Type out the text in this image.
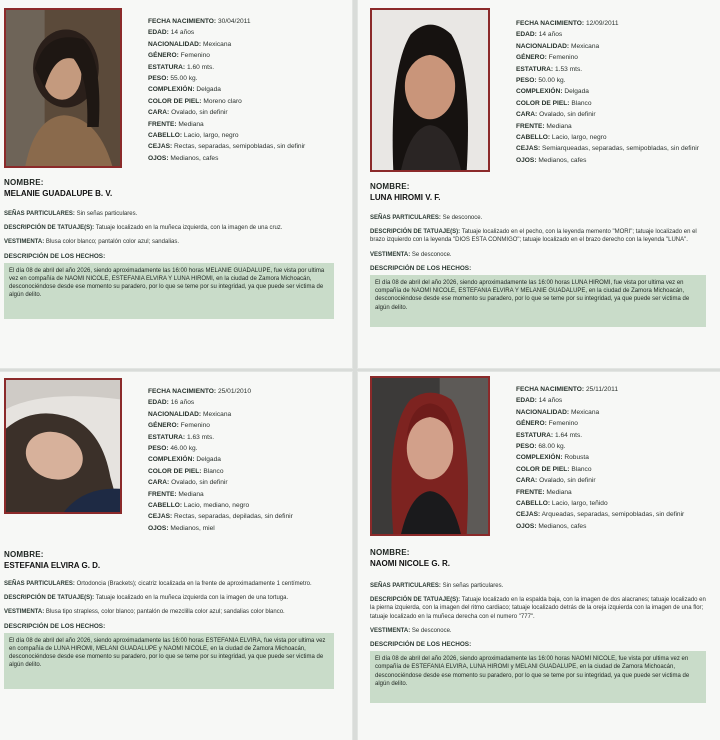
FECHA NACIMIENTO: 30/04/2011
EDAD: 14 años
NACIONALIDAD: Mexicana
GÉNERO: Femenino
ESTATURA: 1.60 mts.
PESO: 55.00 kg.
COMPLEXIÓN: Delgada
COLOR DE PIEL: Moreno claro
CARA: Ovalado, sin definir
FRENTE: Mediana
CABELLO: Lacio, largo, negro
CEJAS: Rectas, separadas, semipobladas, sin definir
OJOS: Medianos, cafes
NOMBRE:
MELANIE GUADALUPE B. V.
SEÑAS PARTICULARES: Sin señas particulares.
DESCRIPCIÓN DE TATUAJE(S): Tatuaje localizado en la muñeca izquierda, con la imagen de una cruz.
VESTIMENTA: Blusa color blanco; pantalón color azul; sandalias.
DESCRIPCIÓN DE LOS HECHOS:
El día 08 de abril del año 2026, siendo aproximadamente las 16:00 horas MELANIE GUADALUPE, fue vista por ultima vez en compañía de NAOMI NICOLE, ESTEFANIA ELVIRA Y LUNA HIROMI, en la ciudad de Zamora Michoacán, desconociéndose desde ese momento su paradero, por lo que se teme por su integridad, ya que puede ser victima de algún delito.
FECHA NACIMIENTO: 12/09/2011
EDAD: 14 años
NACIONALIDAD: Mexicana
GÉNERO: Femenino
ESTATURA: 1.53 mts.
PESO: 50.00 kg.
COMPLEXIÓN: Delgada
COLOR DE PIEL: Blanco
CARA: Ovalado, sin definir
FRENTE: Mediana
CABELLO: Lacio, largo, negro
CEJAS: Semiarqueadas, separadas, semipobladas, sin definir
OJOS: Medianos, cafes
NOMBRE:
LUNA HIROMI V. F.
SEÑAS PARTICULARES: Se desconoce.
DESCRIPCIÓN DE TATUAJE(S): Tatuaje localizado en el pecho, con la leyenda memento "MORI"; tatuaje localizado en el brazo izquierdo con la leyenda "DIOS ESTA CONMIGO"; tatuaje localizado en el brazo derecho con la leyenda "LUNA".
VESTIMENTA: Se desconoce.
DESCRIPCIÓN DE LOS HECHOS:
El día 08 de abril del año 2026, siendo aproximadamente las 16:00 horas LUNA HIROMI, fue vista por ultima vez en compañía de NAOMI NICOLE, ESTEFANIA ELVIRA Y MELANIE GUADALUPE, en la ciudad de Zamora Michoacán, desconociéndose desde ese momento su paradero, por lo que se teme por su integridad, ya que puede ser victima de algún delito.
FECHA NACIMIENTO: 25/01/2010
EDAD: 16 años
NACIONALIDAD: Mexicana
GÉNERO: Femenino
ESTATURA: 1.63 mts.
PESO: 46.00 kg.
COMPLEXIÓN: Delgada
COLOR DE PIEL: Blanco
CARA: Ovalado, sin definir
FRENTE: Mediana
CABELLO: Lacio, mediano, negro
CEJAS: Rectas, separadas, depiladas, sin definir
OJOS: Medianos, miel
NOMBRE:
ESTEFANIA ELVIRA G. D.
SEÑAS PARTICULARES: Ortodoncia (Brackets); cicatriz localizada en la frente de aproximadamente 1 centímetro.
DESCRIPCIÓN DE TATUAJE(S): Tatuaje localizado en la muñeca izquierda con la imagen de una tortuga.
VESTIMENTA: Blusa tipo strapless, color blanco; pantalón de mezclilla color azul; sandalias color blanco.
DESCRIPCIÓN DE LOS HECHOS:
El día 08 de abril del año 2026, siendo aproximadamente las 16:00 horas ESTEFANIA ELVIRA, fue vista por ultima vez en compañía de LUNA HIROMI, MELANI GUADALUPE y NAOMI NICOLE, en la ciudad de Zamora Michoacán, desconociéndose desde ese momento su paradero, por lo que se teme por su integridad, ya que puede ser victima de algún delito.
FECHA NACIMIENTO: 25/11/2011
EDAD: 14 años
NACIONALIDAD: Mexicana
GÉNERO: Femenino
ESTATURA: 1.64 mts.
PESO: 68.00 kg.
COMPLEXIÓN: Robusta
COLOR DE PIEL: Blanco
CARA: Ovalado, sin definir
FRENTE: Mediana
CABELLO: Lacio, largo, teñido
CEJAS: Arqueadas, separadas, semipobladas, sin definir
OJOS: Medianos, cafes
NOMBRE:
NAOMI NICOLE G. R.
SEÑAS PARTICULARES: Sin señas particulares.
DESCRIPCIÓN DE TATUAJE(S): Tatuaje localizado en la espalda baja, con la imagen de dos alacranes; tatuaje localizado en la pierna izquierda, con la imagen del ritmo cardiaco; tatuaje localizado detrás de la oreja izquierda con la imagen de una flor; tatuaje localizado en la muñeca derecha con el numero "777".
VESTIMENTA: Se desconoce.
DESCRIPCIÓN DE LOS HECHOS:
El día 08 de abril del año 2026, siendo aproximadamente las 16:00 horas NAOMI NICOLE, fue vista por ultima vez en compañía de ESTEFANIA ELVIRA, LUNA HIROMI y MELANI GUADALUPE, en la ciudad de Zamora Michoacán, desconociéndose desde ese momento su paradero, por lo que se teme por su integridad, ya que puede ser victima de algún delito.
